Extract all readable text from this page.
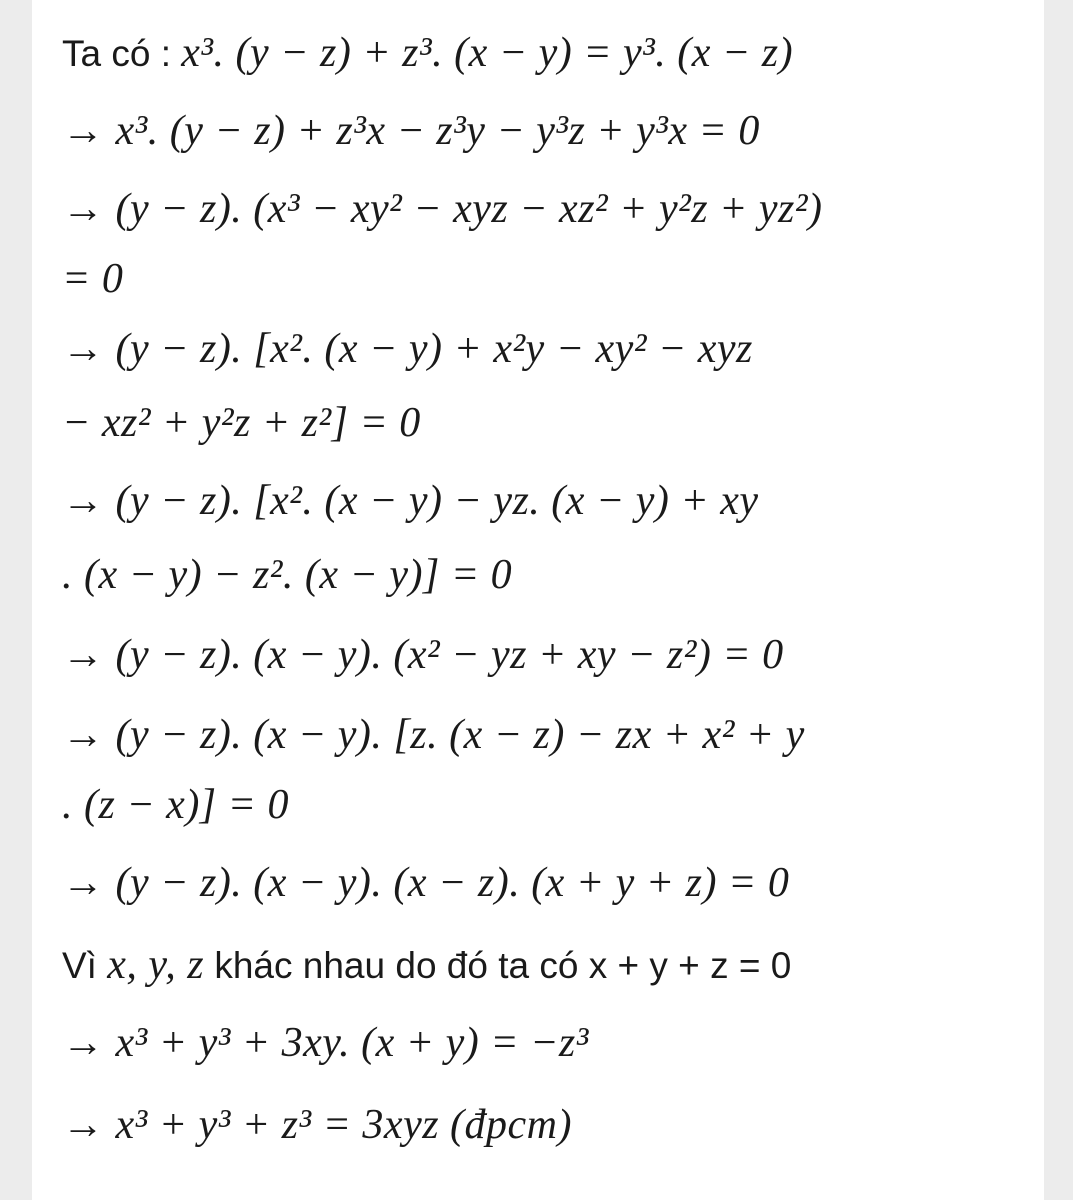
Ta có : x³. (y − z) + z³. (x − y) = y³. (x − z)
→ x³. (y − z) + z³x − z³y − y³z + y³x = 0
→ (y − z). (x³ − xy² − xyz − xz² + y²z + yz²)
= 0
→ (y − z). [x². (x − y) + x²y − xy² − xyz
− xz² + y²z + z²] = 0
→ (y − z). [x². (x − y) − yz. (x − y) + xy
. (x − y) − z². (x − y)] = 0
→ (y − z). (x − y). (x² − yz + xy − z²) = 0
→ (y − z). (x − y). [z. (x − z) − zx + x² + y
. (z − x)] = 0
→ (y − z). (x − y). (x − z). (x + y + z) = 0
Vì x, y, z khác nhau do đó ta có x + y + z = 0
→ x³ + y³ + 3xy. (x + y) = −z³
→ x³ + y³ + z³ = 3xyz (đpcm)
